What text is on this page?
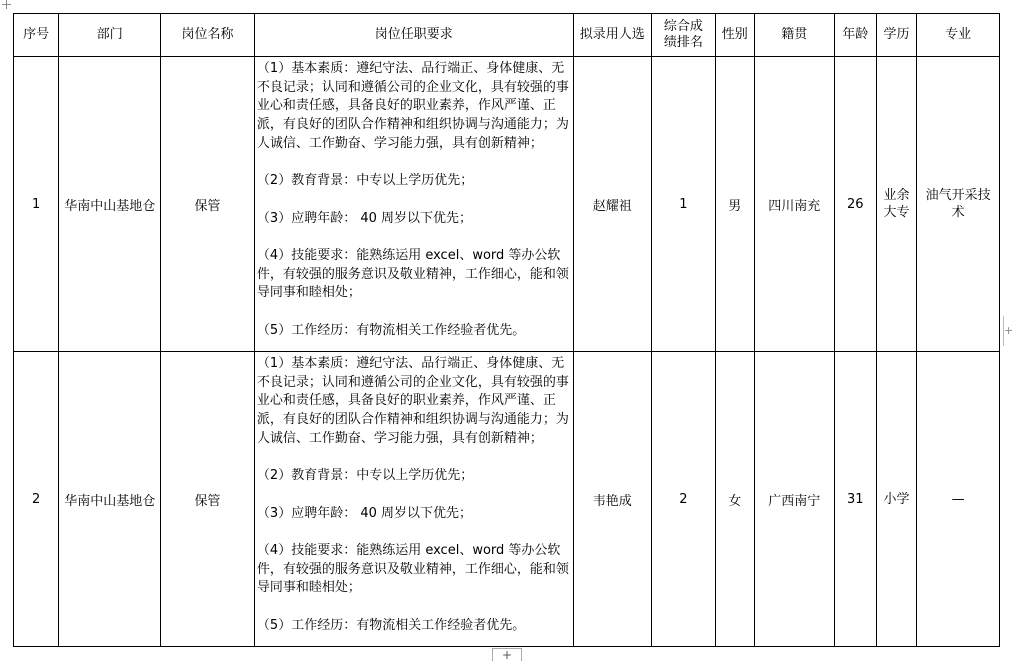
序号	部门	岗位名称	岗位任职要求	拟录用人选	综合成绩排名	性别	籍贯	年龄	学历	专业
1	华南中山基地仓	保管	（1）基本素质：遵纪守法、品行端正、身体健康、无不良记录；认同和遵循公司的企业文化，具有较强的事业心和责任感，具备良好的职业素养，作风严谨、正派，有良好的团队合作精神和组织协调与沟通能力；为人诚信、工作勤奋、学习能力强，具有创新精神；
（2）教育背景：中专以上学历优先；
（3）应聘年龄： 40 周岁以下优先；
（4）技能要求：能熟练运用 excel、word 等办公软件，有较强的服务意识及敬业精神，工作细心，能和领导同事和睦相处；
（5）工作经历：有物流相关工作经验者优先。	赵耀祖	1	男	四川南充	26	业余大专	油气开采技术

2	华南中山基地仓	保管	（1）基本素质：遵纪守法、品行端正、身体健康、无不良记录；认同和遵循公司的企业文化，具有较强的事业心和责任感，具备良好的职业素养，作风严谨、正派，有良好的团队合作精神和组织协调与沟通能力；为人诚信、工作勤奋、学习能力强，具有创新精神；
（2）教育背景：中专以上学历优先；
（3）应聘年龄： 40 周岁以下优先；
（4）技能要求：能熟练运用 excel、word 等办公软件，有较强的服务意识及敬业精神，工作细心，能和领导同事和睦相处；
（5）工作经历：有物流相关工作经验者优先。	韦艳成	2	女	广西南宁	31	小学	—
+
+
